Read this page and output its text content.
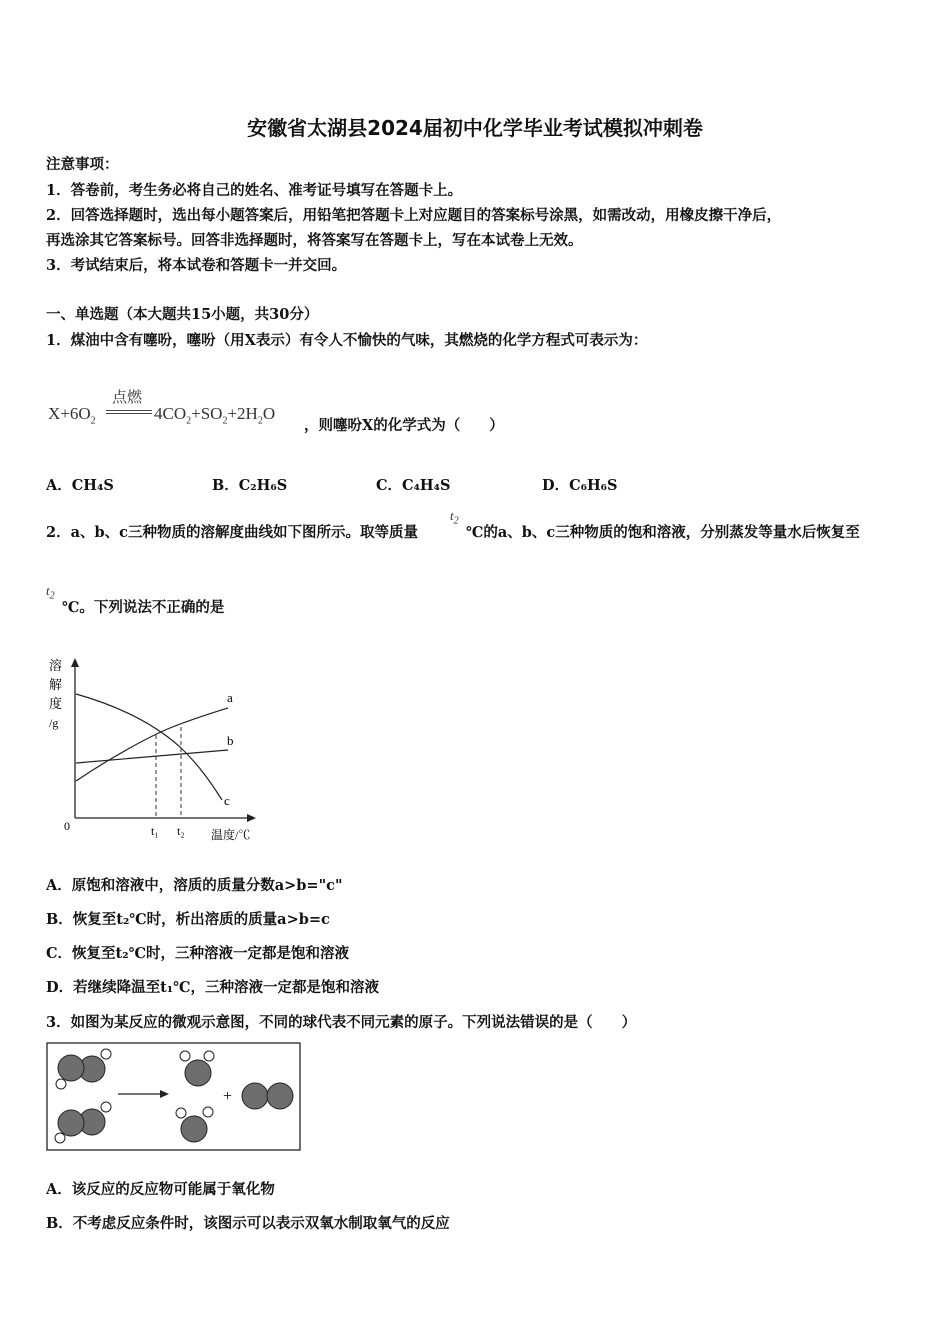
安徽省太湖县2024届初中化学毕业考试模拟冲刺卷
注意事项：
1．答卷前，考生务必将自己的姓名、准考证号填写在答题卡上。
2．回答选择题时，选出每小题答案后，用铅笔把答题卡上对应题目的答案标号涂黑，如需改动，用橡皮擦干净后，
再选涂其它答案标号。回答非选择题时，将答案写在答题卡上，写在本试卷上无效。
3．考试结束后，将本试卷和答题卡一并交回。
一、单选题（本大题共15小题，共30分）
1．煤油中含有噻吩，噻吩（用X表示）有令人不愉快的气味，其燃烧的化学方程式可表示为：
$X+6O_2$
点燃
$4CO_2+SO_2+2H_2O$
，则噻吩X的化学式为（　　）
A．CH₄S	B．C₂H₆S	C．C₄H₄S	D．C₆H₆S
2．a、b、c三种物质的溶解度曲线如下图所示。取等质量
$t_2$
℃的a、b、c三种物质的饱和溶液，分别蒸发等量水后恢复至
$t_2$
℃。下列说法不正确的是
溶
解
度
/g
0
a
b
c
t₁ t₂ 温度/℃
A．原饱和溶液中，溶质的质量分数a>b="c"
B．恢复至t₂℃时，析出溶质的质量a>b=c
C．恢复至t₂℃时，三种溶液一定都是饱和溶液
D．若继续降温至t₁℃，三种溶液一定都是饱和溶液
3．如图为某反应的微观示意图，不同的球代表不同元素的原子。下列说法错误的是（　　）
+
A．该反应的反应物可能属于氧化物
B．不考虑反应条件时，该图示可以表示双氧水制取氧气的反应
